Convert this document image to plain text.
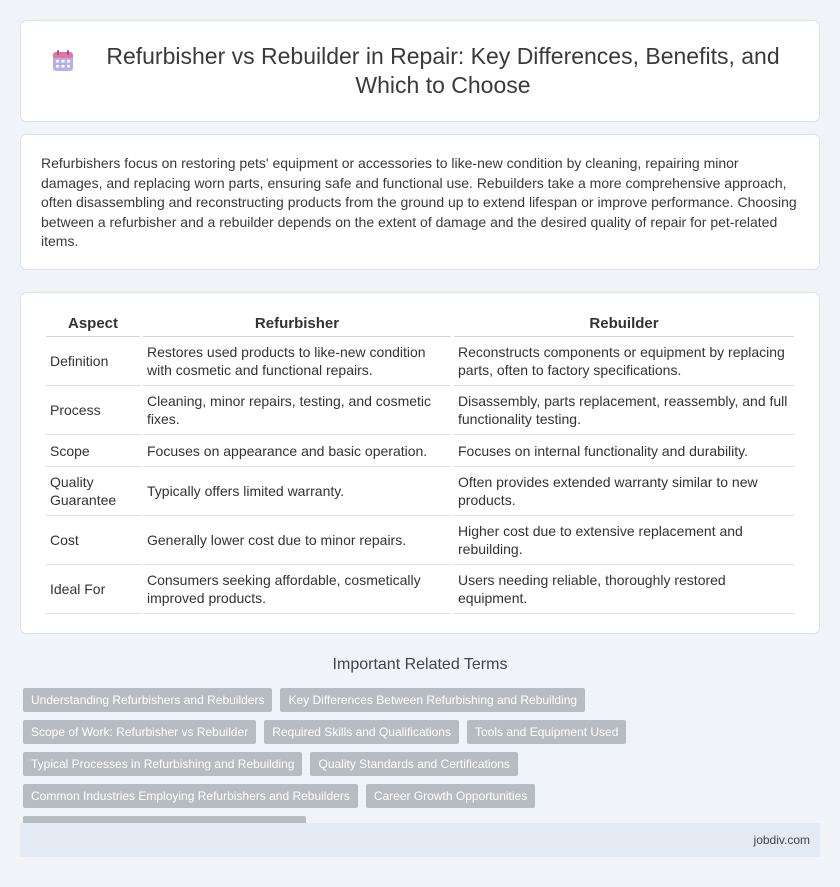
Refurbisher vs Rebuilder in Repair: Key Differences, Benefits, and Which to Choose

Refurbishers focus on restoring pets' equipment or accessories to like-new condition by cleaning, repairing minor damages, and replacing worn parts, ensuring safe and functional use. Rebuilders take a more comprehensive approach, often disassembling and reconstructing products from the ground up to extend lifespan or improve performance. Choosing between a refurbisher and a rebuilder depends on the extent of damage and the desired quality of repair for pet-related items.

Aspect	Refurbisher	Rebuilder
Definition	Restores used products to like-new condition with cosmetic and functional repairs.	Reconstructs components or equipment by replacing parts, often to factory specifications.
Process	Cleaning, minor repairs, testing, and cosmetic fixes.	Disassembly, parts replacement, reassembly, and full functionality testing.
Scope	Focuses on appearance and basic operation.	Focuses on internal functionality and durability.
Quality Guarantee	Typically offers limited warranty.	Often provides extended warranty similar to new products.
Cost	Generally lower cost due to minor repairs.	Higher cost due to extensive replacement and rebuilding.
Ideal For	Consumers seeking affordable, cosmetically improved products.	Users needing reliable, thoroughly restored equipment.
Important Related Terms
Understanding Refurbishers and Rebuilders	Key Differences Between Refurbishing and Rebuilding
Scope of Work: Refurbisher vs Rebuilder	Required Skills and Qualifications	Tools and Equipment Used
Typical Processes in Refurbishing and Rebuilding	Quality Standards and Certifications
Common Industries Employing Refurbishers and Rebuilders	Career Growth Opportunities
jobdiv.com
